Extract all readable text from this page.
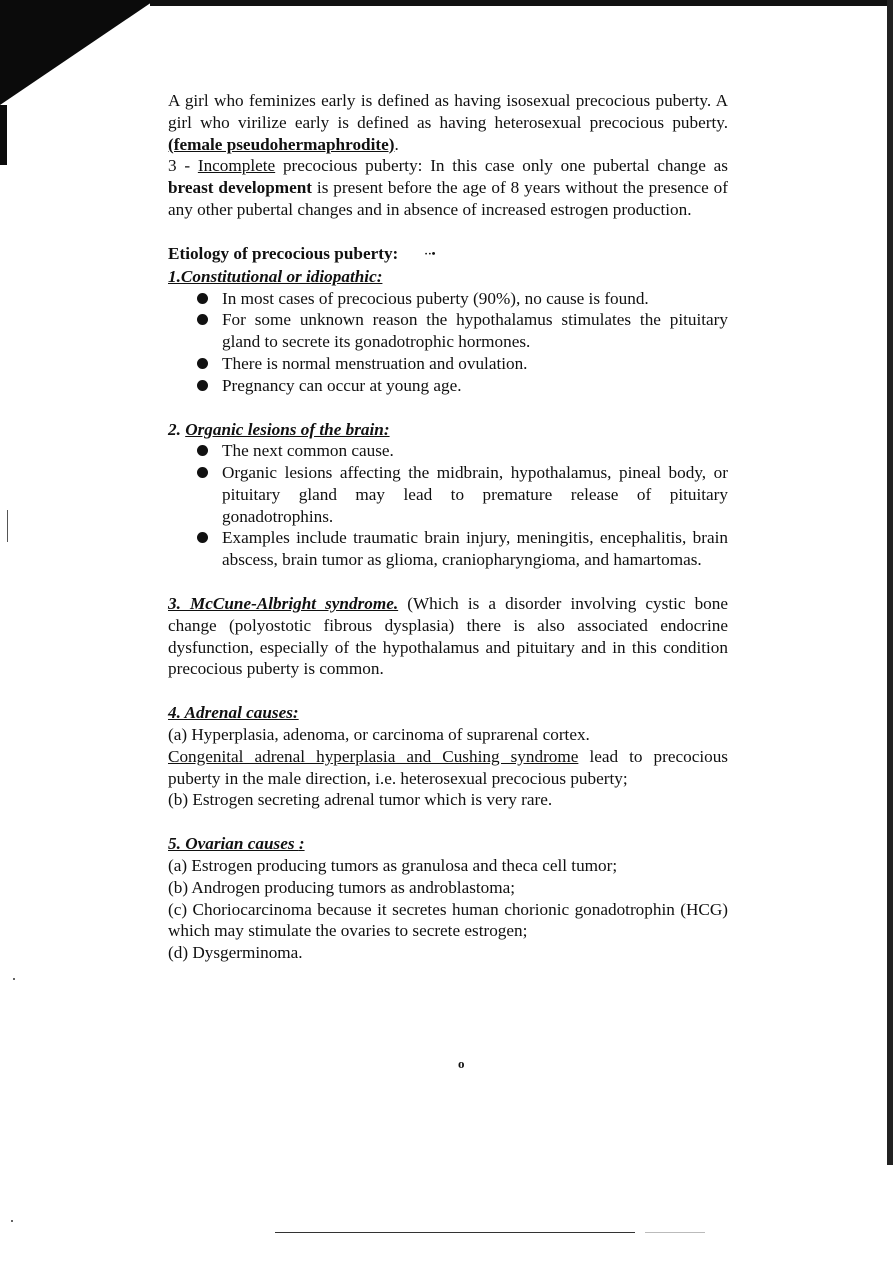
A girl who feminizes early is defined as having isosexual precocious puberty. A girl who virilize early is defined as having heterosexual precocious puberty. (female pseudohermaphrodite).

3 - Incomplete precocious puberty: In this case only one pubertal change as breast development is present before the age of 8 years without the presence of any other pubertal changes and in absence of increased estrogen production.

Etiology of precocious puberty: ··•

1.Constitutional or idiopathic:

In most cases of precocious puberty (90%), no cause is found.
For some unknown reason the hypothalamus stimulates the pituitary gland to secrete its gonadotrophic hormones.
There is normal menstruation and ovulation.
Pregnancy can occur at young age.

2. Organic lesions of the brain:

The next common cause.
Organic lesions affecting the midbrain, hypothalamus, pineal body, or pituitary gland may lead to premature release of pituitary gonadotrophins.
Examples include traumatic brain injury, meningitis, encephalitis, brain abscess, brain tumor as glioma, craniopharyngioma, and hamartomas.

3. McCune-Albright syndrome. (Which is a disorder involving cystic bone change (polyostotic fibrous dysplasia) there is also associated endocrine dysfunction, especially of the hypothalamus and pituitary and in this condition precocious puberty is common.

4. Adrenal causes:

(a) Hyperplasia, adenoma, or carcinoma of suprarenal cortex.

Congenital adrenal hyperplasia and Cushing syndrome lead to precocious puberty in the male direction, i.e. heterosexual precocious puberty;

(b) Estrogen secreting adrenal tumor which is very rare.

5. Ovarian causes :

(a) Estrogen producing tumors as granulosa and theca cell tumor;

(b) Androgen producing tumors as androblastoma;

(c) Choriocarcinoma because it secretes human chorionic gonadotrophin (HCG) which may stimulate the ovaries to secrete estrogen;

(d) Dysgerminoma.

o
